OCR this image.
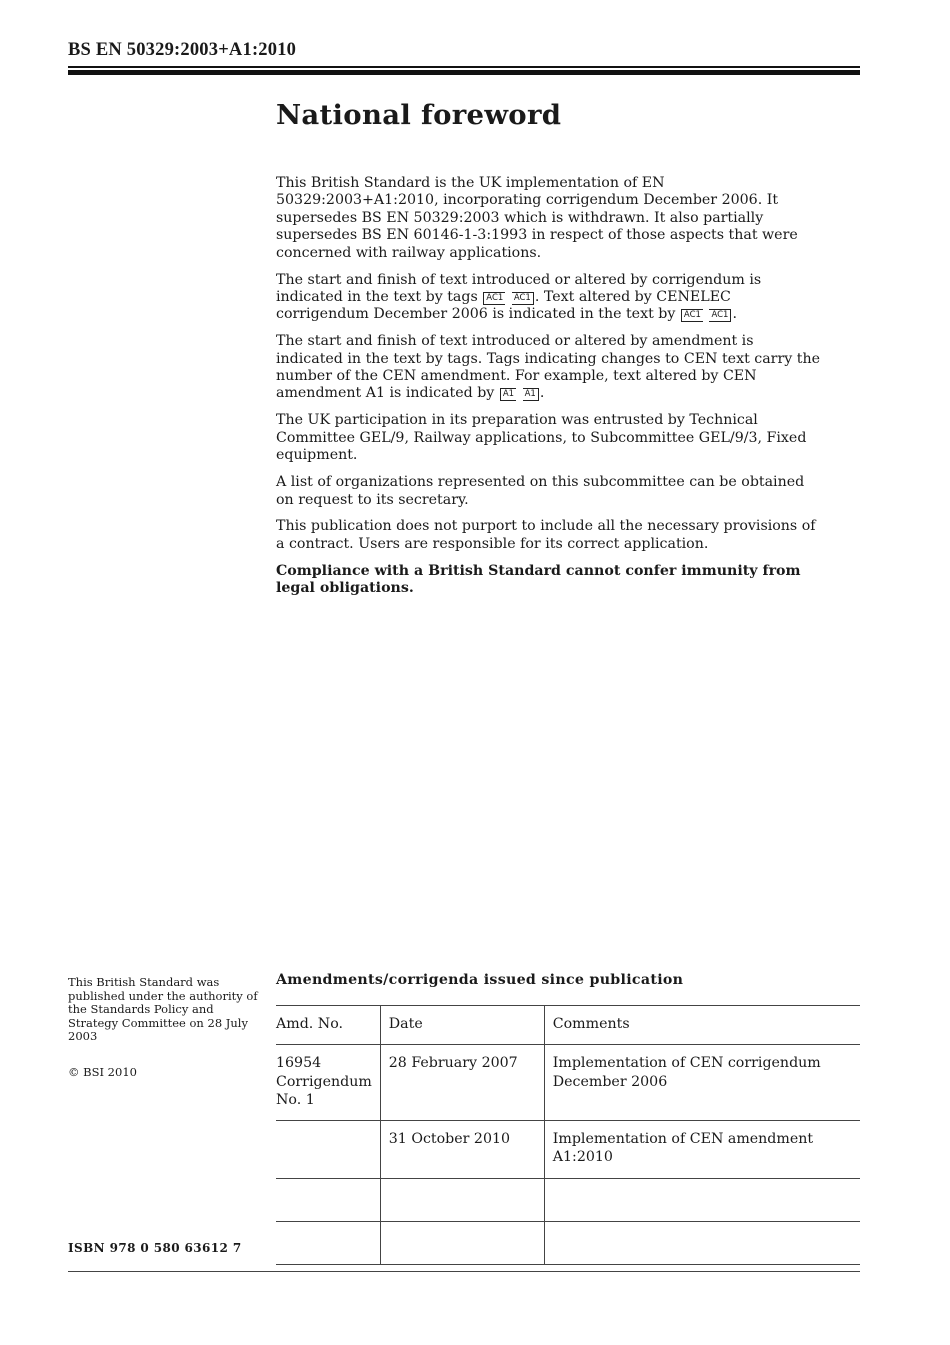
BS EN 50329:2003+A1:2010
National foreword

This British Standard is the UK implementation of EN 50329:2003+A1:2010, incorporating corrigendum December 2006. It supersedes BS EN 50329:2003 which is withdrawn. It also partially supersedes BS EN 60146-1-3:1993 in respect of those aspects that were concerned with railway applications.

The start and finish of text introduced or altered by corrigendum is indicated in the text by tags AC1 AC1 . Text altered by CENELEC corrigendum December 2006 is indicated in the text by AC1 AC1 .

The start and finish of text introduced or altered by amendment is indicated in the text by tags. Tags indicating changes to CEN text carry the number of the CEN amendment. For example, text altered by CEN amendment A1 is indicated by A1 A1 .

The UK participation in its preparation was entrusted by Technical Committee GEL/9, Railway applications, to Subcommittee GEL/9/3, Fixed equipment.

A list of organizations represented on this subcommittee can be obtained on request to its secretary.

This publication does not purport to include all the necessary provisions of a contract. Users are responsible for its correct application.

Compliance with a British Standard cannot confer immunity from legal obligations.

This British Standard was published under the authority of the Standards Policy and Strategy Committee on 28 July 2003

© BSI 2010

ISBN 978 0 580 63612 7
Amendments/corrigenda issued since publication
Amd. No.	Date	Comments
16954 Corrigendum No. 1	28 February 2007	Implementation of CEN corrigendum December 2006
	31 October 2010	Implementation of CEN amendment A1:2010
